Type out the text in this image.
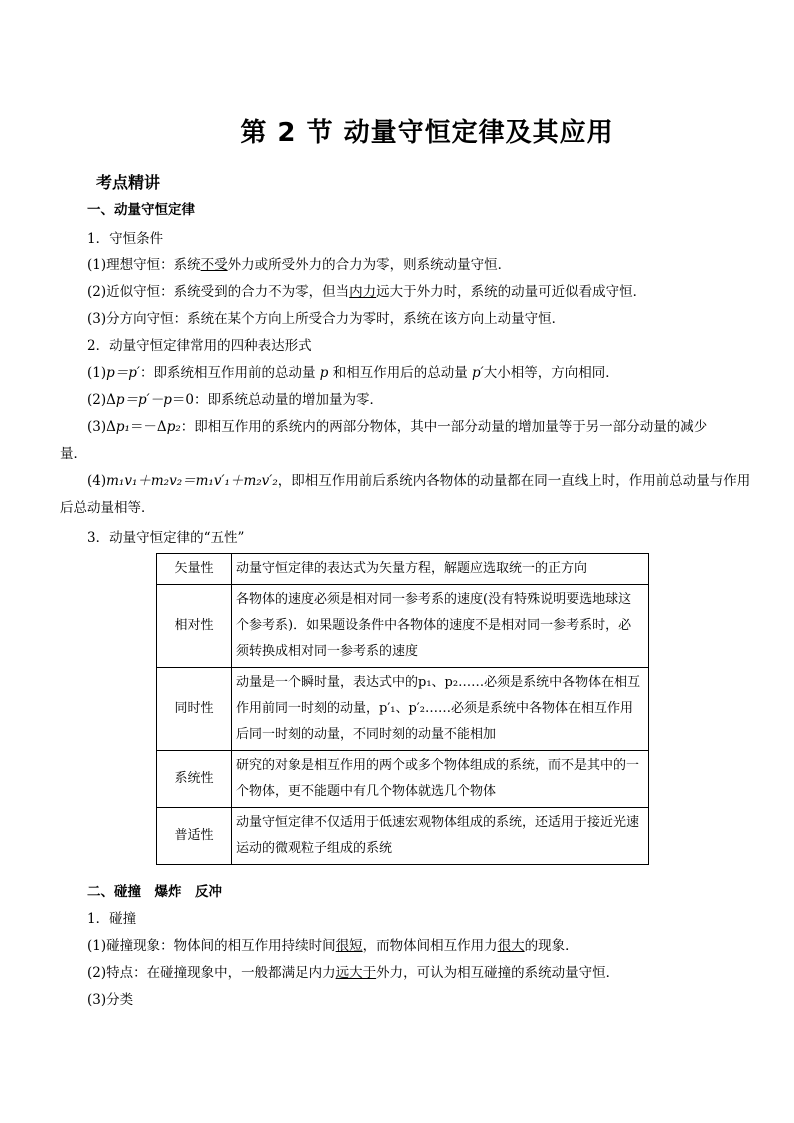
第 2 节 动量守恒定律及其应用
考点精讲
一、动量守恒定律
1．守恒条件
(1)理想守恒：系统不受外力或所受外力的合力为零，则系统动量守恒．
(2)近似守恒：系统受到的合力不为零，但当内力远大于外力时，系统的动量可近似看成守恒．
(3)分方向守恒：系统在某个方向上所受合力为零时，系统在该方向上动量守恒．
2．动量守恒定律常用的四种表达形式
(1)p＝p′：即系统相互作用前的总动量 p 和相互作用后的总动量 p′大小相等，方向相同．
(2)Δp＝p′－p＝0：即系统总动量的增加量为零．
(3)Δp₁＝－Δp₂：即相互作用的系统内的两部分物体，其中一部分动量的增加量等于另一部分动量的减少
量．
(4)m₁v₁＋m₂v₂＝m₁v′₁＋m₂v′₂，即相互作用前后系统内各物体的动量都在同一直线上时，作用前总动量与作用
后总动量相等．
3．动量守恒定律的“五性”
矢量性	动量守恒定律的表达式为矢量方程，解题应选取统一的正方向
相对性	各物体的速度必须是相对同一参考系的速度(没有特殊说明要选地球这个参考系)．如果题设条件中各物体的速度不是相对同一参考系时，必须转换成相对同一参考系的速度
同时性	动量是一个瞬时量，表达式中的p₁、p₂……必须是系统中各物体在相互作用前同一时刻的动量，p′₁、p′₂……必须是系统中各物体在相互作用后同一时刻的动量，不同时刻的动量不能相加
系统性	研究的对象是相互作用的两个或多个物体组成的系统，而不是其中的一个物体，更不能题中有几个物体就选几个物体
普适性	动量守恒定律不仅适用于低速宏观物体组成的系统，还适用于接近光速运动的微观粒子组成的系统
二、碰撞　爆炸　反冲
1．碰撞
(1)碰撞现象：物体间的相互作用持续时间很短，而物体间相互作用力很大的现象．
(2)特点：在碰撞现象中，一般都满足内力远大于外力，可认为相互碰撞的系统动量守恒．
(3)分类
